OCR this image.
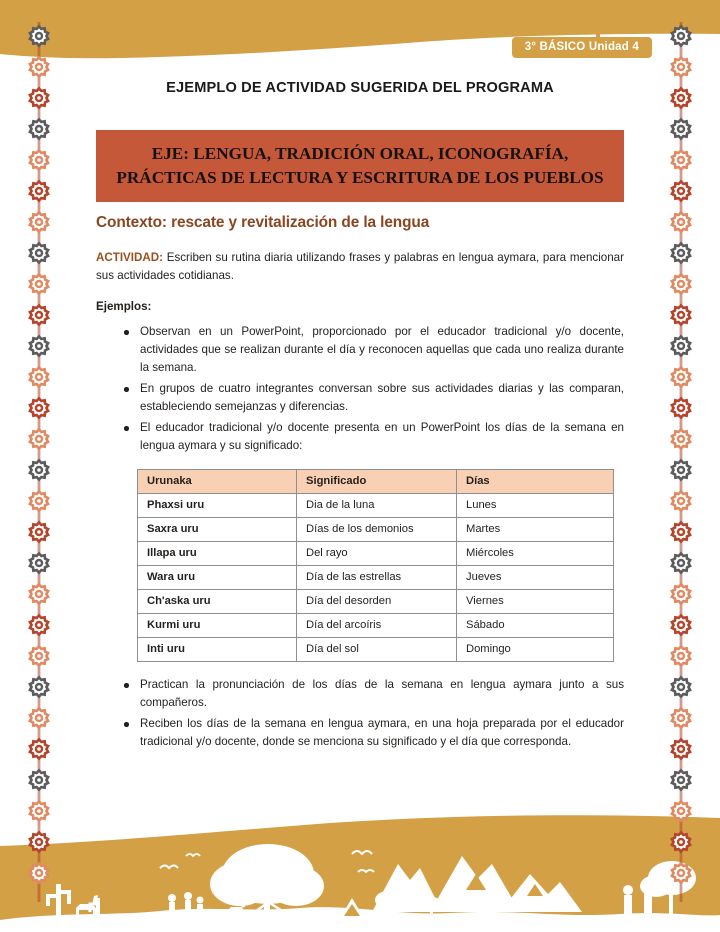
3° BÁSICO Unidad 4
EJEMPLO DE ACTIVIDAD SUGERIDA DEL PROGRAMA
EJE: LENGUA, TRADICIÓN ORAL, ICONOGRAFÍA,
PRÁCTICAS DE LECTURA Y ESCRITURA DE LOS PUEBLOS
Contexto: rescate y revitalización de la lengua

ACTIVIDAD: Escriben su rutina diaria utilizando frases y palabras en lengua aymara, para mencionar sus actividades cotidianas.

Ejemplos:
Observan en un PowerPoint, proporcionado por el educador tradicional y/o docente, actividades que se realizan durante el día y reconocen aquellas que cada uno realiza durante la semana.
En grupos de cuatro integrantes conversan sobre sus actividades diarias y las comparan, estableciendo semejanzas y diferencias.
El educador tradicional y/o docente presenta en un PowerPoint los días de la semana en lengua aymara y su significado:
Urunaka	Significado	Días
Phaxsi uru	Dia de la luna	Lunes
Saxra uru	Días de los demonios	Martes
Illapa uru	Del rayo	Miércoles
Wara uru	Día de las estrellas	Jueves
Ch'aska uru	Día del desorden	Viernes
Kurmi uru	Día del arcoíris	Sábado
Inti uru	Día del sol	Domingo
Practican la pronunciación de los días de la semana en lengua aymara junto a sus compañeros.
Reciben los días de la semana en lengua aymara, en una hoja preparada por el educador tradicional y/o docente, donde se menciona su significado y el día que corresponda.
